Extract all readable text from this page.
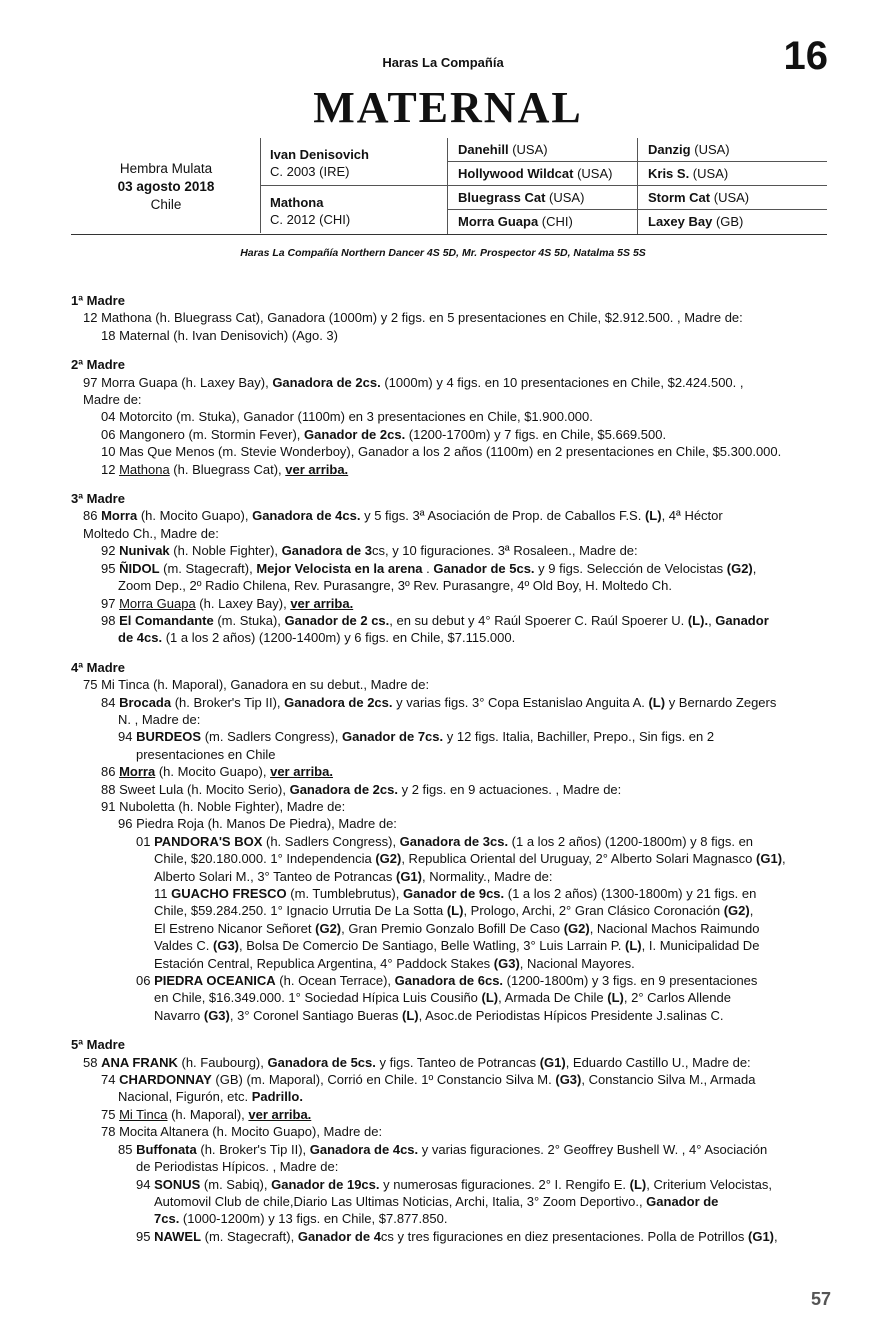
Haras La Compañía	16
MATERNAL
Hembra Mulata
03 agosto 2018
Chile
Ivan Denisovich
C. 2003 (IRE)
Mathona
C. 2012 (CHI)
Danehill (USA)
Hollywood Wildcat (USA)
Bluegrass Cat (USA)
Morra Guapa (CHI)
Danzig (USA)
Kris S. (USA)
Storm Cat (USA)
Laxey Bay (GB)
Haras La Compañía Northern Dancer 4S 5D, Mr. Prospector 4S 5D, Natalma 5S 5S
1ª Madre
12 Mathona (h. Bluegrass Cat), Ganadora (1000m) y 2 figs. en 5 presentaciones en Chile, $2.912.500. , Madre de:
18 Maternal (h. Ivan Denisovich) (Ago. 3)
2ª Madre
97 Morra Guapa (h. Laxey Bay), Ganadora de 2cs. (1000m) y 4 figs. en 10 presentaciones en Chile, $2.424.500. ,
Madre de:
04 Motorcito (m. Stuka), Ganador (1100m) en 3 presentaciones en Chile, $1.900.000.
06 Mangonero (m. Stormin Fever), Ganador de 2cs. (1200-1700m) y 7 figs. en Chile, $5.669.500.
10 Mas Que Menos (m. Stevie Wonderboy), Ganador a los 2 años (1100m) en 2 presentaciones en Chile, $5.300.000.
12 Mathona (h. Bluegrass Cat), ver arriba.
3ª Madre
86 Morra (h. Mocito Guapo), Ganadora de 4cs. y 5 figs. 3ª Asociación de Prop. de Caballos F.S. (L), 4ª Héctor
Moltedo Ch., Madre de:
92 Nunivak (h. Noble Fighter), Ganadora de 3cs, y 10 figuraciones. 3ª Rosaleen., Madre de:
95 ÑIDOL (m. Stagecraft), Mejor Velocista en la arena . Ganador de 5cs. y 9 figs. Selección de Velocistas (G2),
Zoom Dep., 2º Radio Chilena, Rev. Purasangre, 3º Rev. Purasangre, 4º Old Boy, H. Moltedo Ch.
97 Morra Guapa (h. Laxey Bay), ver arriba.
98 El Comandante (m. Stuka), Ganador de 2 cs., en su debut y 4° Raúl Spoerer C. Raúl Spoerer U. (L)., Ganador
de 4cs. (1 a los 2 años) (1200-1400m) y 6 figs. en Chile, $7.115.000.
4ª Madre
75 Mi Tinca (h. Maporal), Ganadora en su debut., Madre de:
84 Brocada (h. Broker's Tip II), Ganadora de 2cs. y varias figs. 3° Copa Estanislao Anguita A. (L) y Bernardo Zegers
N. , Madre de:
94 BURDEOS (m. Sadlers Congress), Ganador de 7cs. y 12 figs. Italia, Bachiller, Prepo., Sin figs. en 2
presentaciones en Chile
86 Morra (h. Mocito Guapo), ver arriba.
88 Sweet Lula (h. Mocito Serio), Ganadora de 2cs. y 2 figs. en 9 actuaciones. , Madre de:
91 Nuboletta (h. Noble Fighter), Madre de:
96 Piedra Roja (h. Manos De Piedra), Madre de:
01 PANDORA'S BOX (h. Sadlers Congress), Ganadora de 3cs. (1 a los 2 años) (1200-1800m) y 8 figs. en
Chile, $20.180.000. 1° Independencia (G2), Republica Oriental del Uruguay, 2° Alberto Solari Magnasco (G1),
Alberto Solari M., 3° Tanteo de Potrancas (G1), Normality., Madre de:
11 GUACHO FRESCO (m. Tumblebrutus), Ganador de 9cs. (1 a los 2 años) (1300-1800m) y 21 figs. en
Chile, $59.284.250. 1° Ignacio Urrutia De La Sotta (L), Prologo, Archi, 2° Gran Clásico Coronación (G2),
El Estreno Nicanor Señoret (G2), Gran Premio Gonzalo Bofill De Caso (G2), Nacional Machos Raimundo
Valdes C. (G3), Bolsa De Comercio De Santiago, Belle Watling, 3° Luis Larrain P. (L), I. Municipalidad De
Estación Central, Republica Argentina, 4° Paddock Stakes (G3), Nacional Mayores.
06 PIEDRA OCEANICA (h. Ocean Terrace), Ganadora de 6cs. (1200-1800m) y 3 figs. en 9 presentaciones
en Chile, $16.349.000. 1° Sociedad Hípica Luis Cousiño (L), Armada De Chile (L), 2° Carlos Allende
Navarro (G3), 3° Coronel Santiago Bueras (L), Asoc.de Periodistas Hípicos Presidente J.salinas C.
5ª Madre
58 ANA FRANK (h. Faubourg), Ganadora de 5cs. y figs. Tanteo de Potrancas (G1), Eduardo Castillo U., Madre de:
74 CHARDONNAY (GB) (m. Maporal), Corrió en Chile. 1º Constancio Silva M. (G3), Constancio Silva M., Armada
Nacional, Figurón, etc. Padrillo.
75 Mi Tinca (h. Maporal), ver arriba.
78 Mocita Altanera (h. Mocito Guapo), Madre de:
85 Buffonata (h. Broker's Tip II), Ganadora de 4cs. y varias figuraciones. 2° Geoffrey Bushell W. , 4° Asociación
de Periodistas Hípicos. , Madre de:
94 SONUS (m. Sabiq), Ganador de 19cs. y numerosas figuraciones. 2° I. Rengifo E. (L), Criterium Velocistas,
Automovil Club de chile,Diario Las Ultimas Noticias, Archi, Italia, 3° Zoom Deportivo., Ganador de
7cs. (1000-1200m) y 13 figs. en Chile, $7.877.850.
95 NAWEL (m. Stagecraft), Ganador de 4cs y tres figuraciones en diez presentaciones. Polla de Potrillos (G1),
57
